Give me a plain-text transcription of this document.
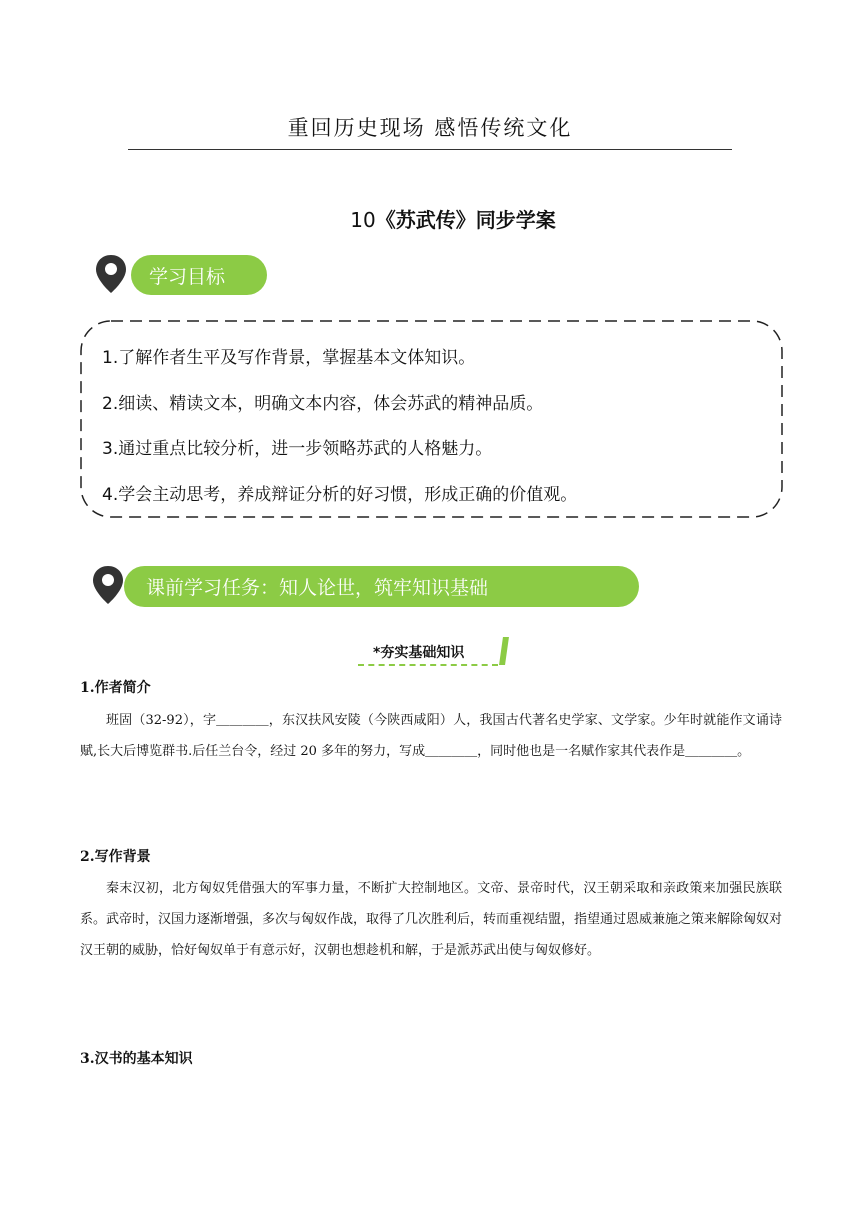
重回历史现场 感悟传统文化
10《苏武传》同步学案
学习目标
1.了解作者生平及写作背景，掌握基本文体知识。
2.细读、精读文本，明确文本内容，体会苏武的精神品质。
3.通过重点比较分析，进一步领略苏武的人格魅力。
4.学会主动思考，养成辩证分析的好习惯，形成正确的价值观。
课前学习任务：知人论世，筑牢知识基础
*夯实基础知识
1.作者简介

班固（32-92），字＿＿＿＿，东汉扶风安陵（今陕西咸阳）人，我国古代著名史学家、文学家。少年时就能作文诵诗赋,长大后博览群书.后任兰台令，经过 20 多年的努力，写成＿＿＿＿，同时他也是一名赋作家其代表作是＿＿＿＿。

2.写作背景

秦末汉初，北方匈奴凭借强大的军事力量，不断扩大控制地区。文帝、景帝时代，汉王朝采取和亲政策来加强民族联系。武帝时，汉国力逐渐增强，多次与匈奴作战，取得了几次胜利后，转而重视结盟，指望通过恩威兼施之策来解除匈奴对汉王朝的威胁，恰好匈奴单于有意示好，汉朝也想趁机和解，于是派苏武出使与匈奴修好。

3.汉书的基本知识
